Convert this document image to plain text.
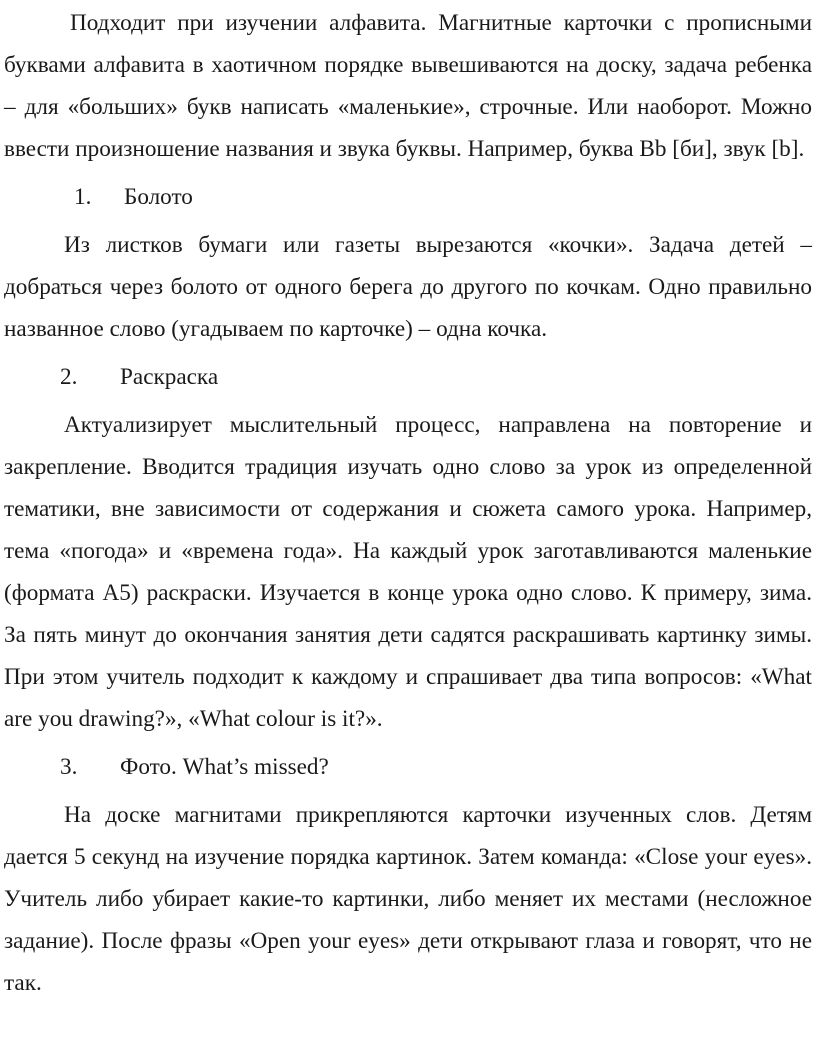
Подходит при изучении алфавита. Магнитные карточки с прописными буквами алфавита в хаотичном порядке вывешиваются на доску, задача ребенка – для «больших» букв написать «маленькие», строчные. Или наоборот. Можно ввести произношение названия и звука буквы. Например, буква Bb [би], звук [b].

1. Болото

Из листков бумаги или газеты вырезаются «кочки». Задача детей – добраться через болото от одного берега до другого по кочкам. Одно правильно названное слово (угадываем по карточке) – одна кочка.

2. Раскраска

Актуализирует мыслительный процесс, направлена на повторение и закрепление. Вводится традиция изучать одно слово за урок из определенной тематики, вне зависимости от содержания и сюжета самого урока. Например, тема «погода» и «времена года». На каждый урок заготавливаются маленькие (формата А5) раскраски. Изучается в конце урока одно слово. К примеру, зима. За пять минут до окончания занятия дети садятся раскрашивать картинку зимы. При этом учитель подходит к каждому и спрашивает два типа вопросов: «What are you drawing?», «What colour is it?».

3. Фото. What’s missed?

На доске магнитами прикрепляются карточки изученных слов. Детям дается 5 секунд на изучение порядка картинок. Затем команда: «Close your eyes». Учитель либо убирает какие-то картинки, либо меняет их местами (несложное задание). После фразы «Open your eyes» дети открывают глаза и говорят, что не так.
